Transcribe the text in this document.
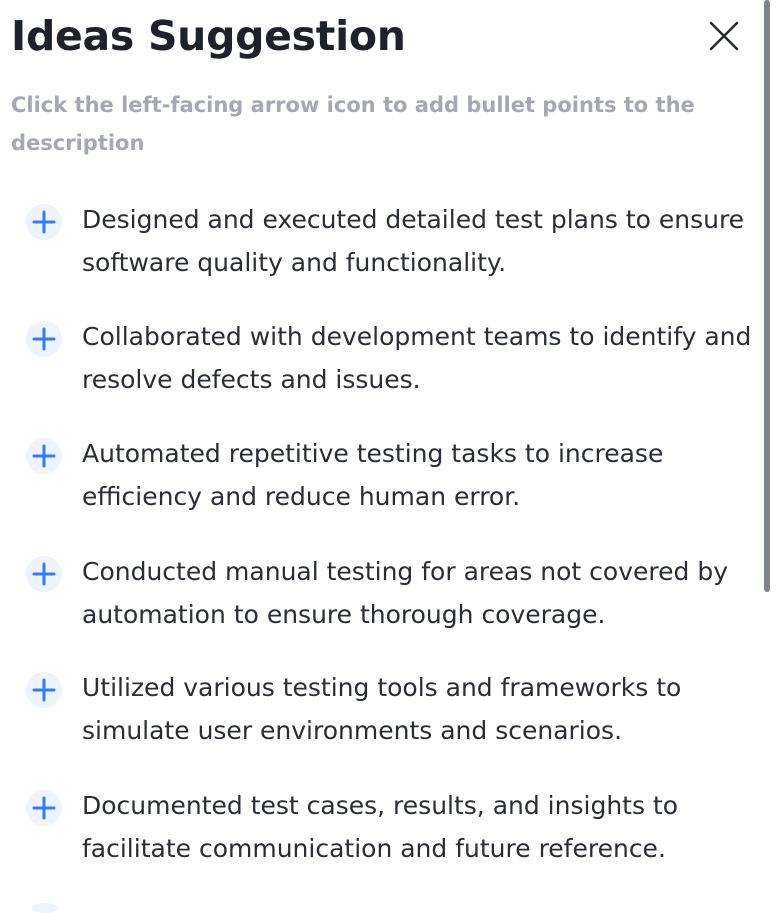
Ideas Suggestion
Click the left-facing arrow icon to add bullet points to the description
Designed and executed detailed test plans to ensure software quality and functionality.
Collaborated with development teams to identify and resolve defects and issues.
Automated repetitive testing tasks to increase efficiency and reduce human error.
Conducted manual testing for areas not covered by automation to ensure thorough coverage.
Utilized various testing tools and frameworks to simulate user environments and scenarios.
Documented test cases, results, and insights to facilitate communication and future reference.
